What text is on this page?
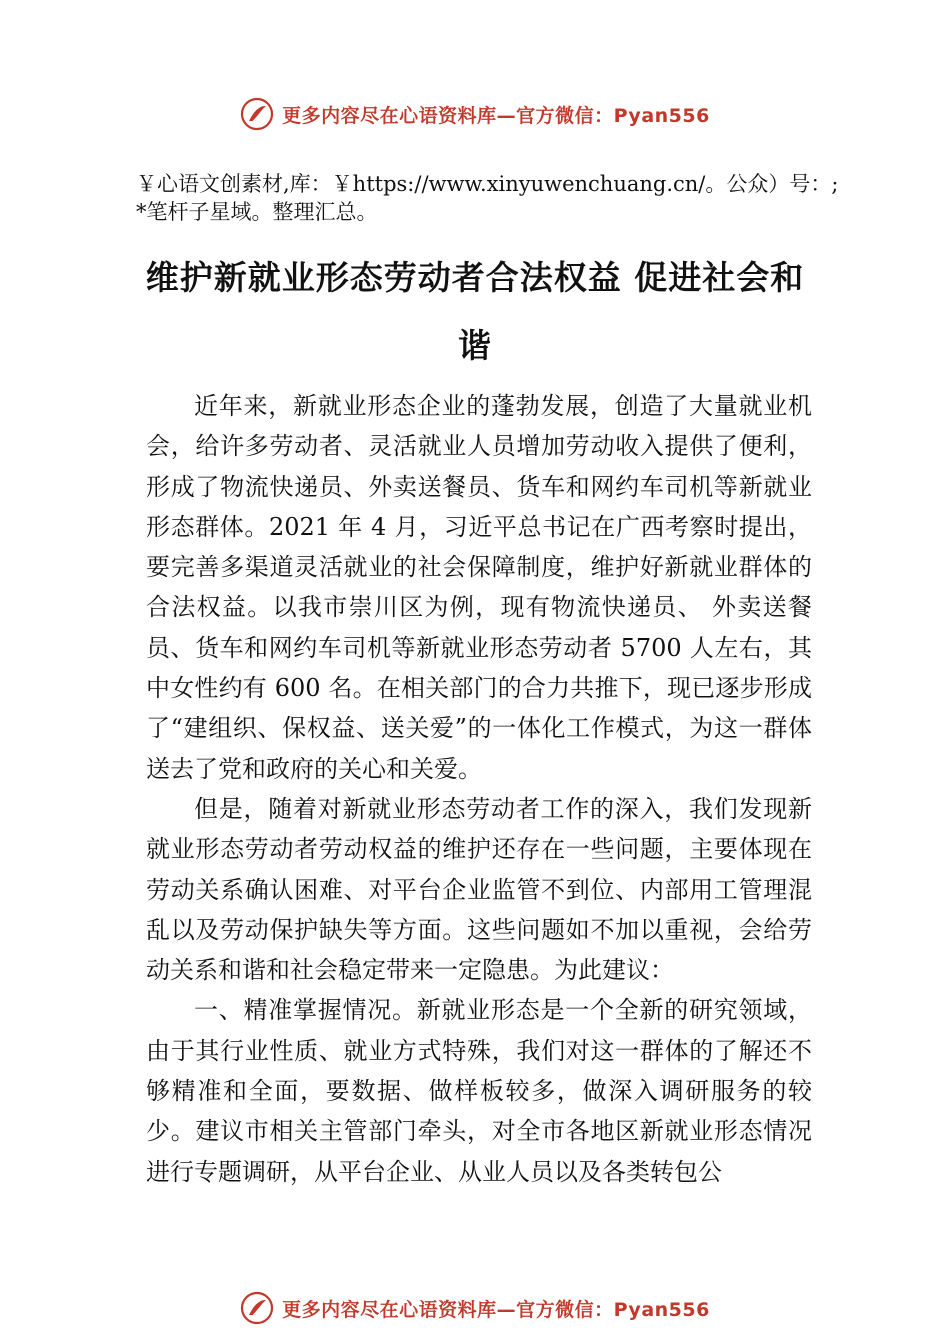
更多内容尽在心语资料库—官方微信：Pyan556
￥心语文创素材,库：￥https://www.xinyuwenchuang.cn/。公众）号：;*笔杆子星域。整理汇总。
维护新就业形态劳动者合法权益 促进社会和谐

近年来，新就业形态企业的蓬勃发展，创造了大量就业机会，给许多劳动者、灵活就业人员增加劳动收入提供了便利，形成了物流快递员、外卖送餐员、货车和网约车司机等新就业形态群体。2021 年 4 月，习近平总书记在广西考察时提出，要完善多渠道灵活就业的社会保障制度，维护好新就业群体的合法权益。以我市崇川区为例，现有物流快递员、 外卖送餐员、货车和网约车司机等新就业形态劳动者 5700 人左右，其中女性约有 600 名。在相关部门的合力共推下，现已逐步形成了“建组织、保权益、送关爱”的一体化工作模式，为这一群体送去了党和政府的关心和关爱。

但是，随着对新就业形态劳动者工作的深入，我们发现新就业形态劳动者劳动权益的维护还存在一些问题，主要体现在劳动关系确认困难、对平台企业监管不到位、内部用工管理混乱以及劳动保护缺失等方面。这些问题如不加以重视，会给劳动关系和谐和社会稳定带来一定隐患。为此建议：

一、精准掌握情况。新就业形态是一个全新的研究领域，由于其行业性质、就业方式特殊，我们对这一群体的了解还不够精准和全面，要数据、做样板较多，做深入调研服务的较少。建议市相关主管部门牵头，对全市各地区新就业形态情况进行专题调研，从平台企业、从业人员以及各类转包公

更多内容尽在心语资料库—官方微信：Pyan556
